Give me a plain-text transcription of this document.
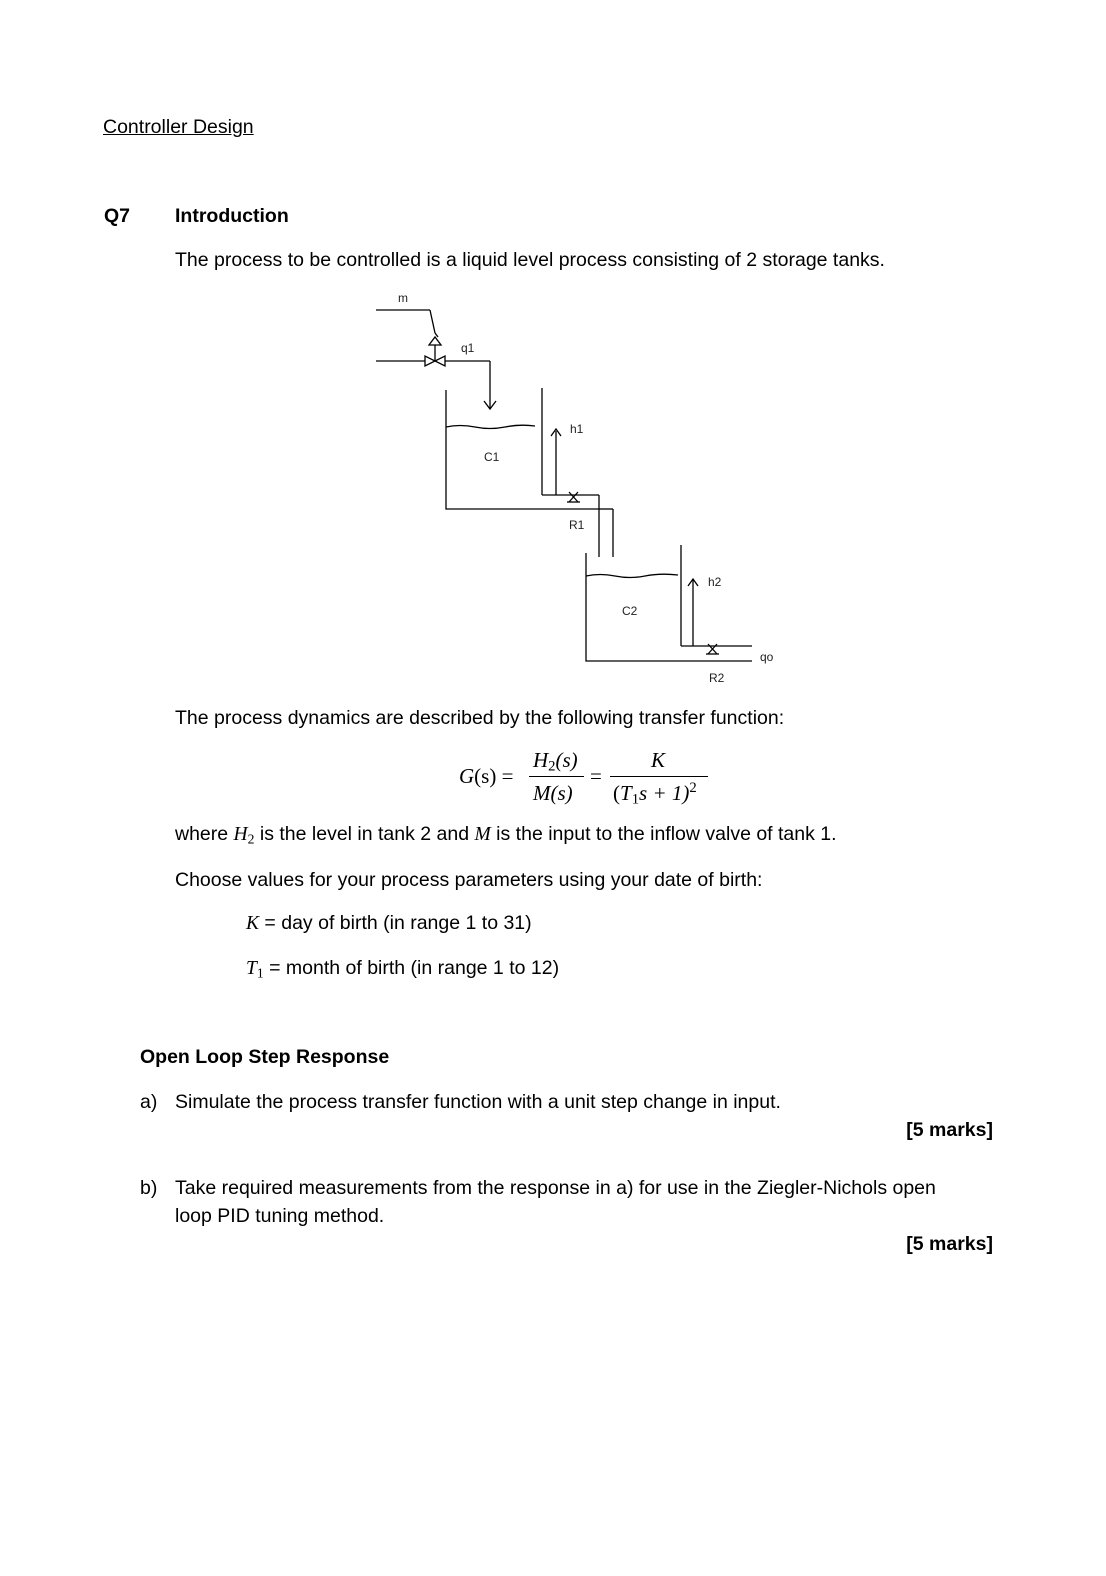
Controller Design
Q7 Introduction
The process to be controlled is a liquid level process consisting of 2 storage tanks.
m
q1
h1
C1
R1
h2
C2
qo
R2
The process dynamics are described by the following transfer function:
G(s) =
$H_2(s)$
M(s)
=
K
$(T_1s + 1)^2$
where $H_2$ is the level in tank 2 and M is the input to the inflow valve of tank 1.
Choose values for your process parameters using your date of birth:
K = day of birth (in range 1 to 31)
$T_1$ = month of birth (in range 1 to 12)
Open Loop Step Response
a) Simulate the process transfer function with a unit step change in input.
[5 marks]
b) Take required measurements from the response in a) for use in the Ziegler-Nichols open
loop PID tuning method.
[5 marks]
